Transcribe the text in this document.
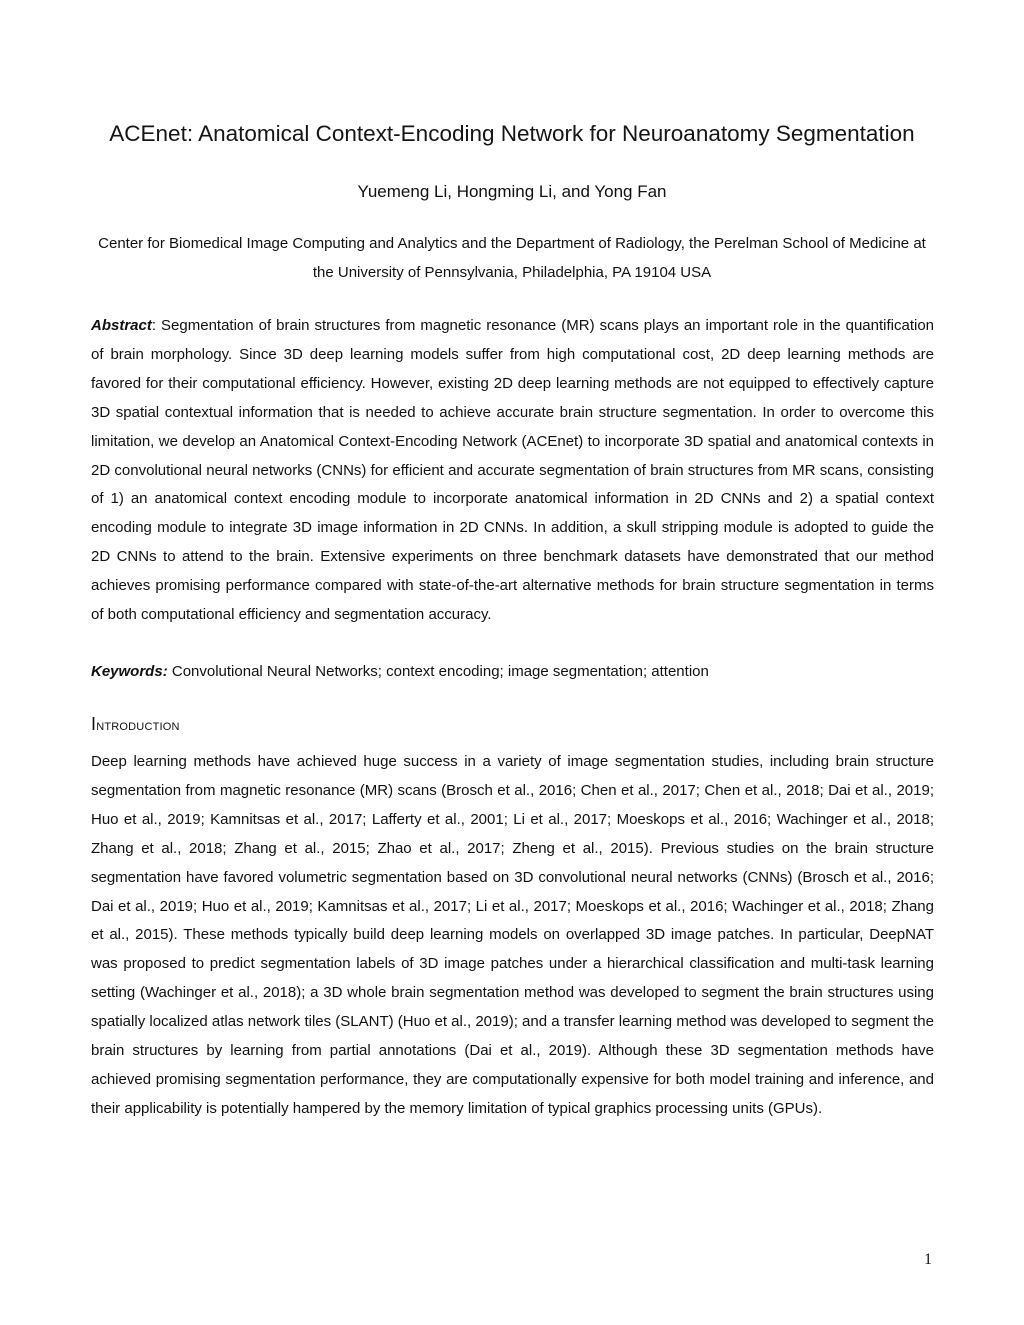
ACEnet: Anatomical Context-Encoding Network for Neuroanatomy Segmentation
Yuemeng Li, Hongming Li, and Yong Fan
Center for Biomedical Image Computing and Analytics and the Department of Radiology, the Perelman School of Medicine at the University of Pennsylvania, Philadelphia, PA 19104 USA
Abstract: Segmentation of brain structures from magnetic resonance (MR) scans plays an important role in the quantification of brain morphology. Since 3D deep learning models suffer from high computational cost, 2D deep learning methods are favored for their computational efficiency. However, existing 2D deep learning methods are not equipped to effectively capture 3D spatial contextual information that is needed to achieve accurate brain structure segmentation. In order to overcome this limitation, we develop an Anatomical Context-Encoding Network (ACEnet) to incorporate 3D spatial and anatomical contexts in 2D convolutional neural networks (CNNs) for efficient and accurate segmentation of brain structures from MR scans, consisting of 1) an anatomical context encoding module to incorporate anatomical information in 2D CNNs and 2) a spatial context encoding module to integrate 3D image information in 2D CNNs. In addition, a skull stripping module is adopted to guide the 2D CNNs to attend to the brain. Extensive experiments on three benchmark datasets have demonstrated that our method achieves promising performance compared with state-of-the-art alternative methods for brain structure segmentation in terms of both computational efficiency and segmentation accuracy.
Keywords: Convolutional Neural Networks; context encoding; image segmentation; attention
Introduction
Deep learning methods have achieved huge success in a variety of image segmentation studies, including brain structure segmentation from magnetic resonance (MR) scans (Brosch et al., 2016; Chen et al., 2017; Chen et al., 2018; Dai et al., 2019; Huo et al., 2019; Kamnitsas et al., 2017; Lafferty et al., 2001; Li et al., 2017; Moeskops et al., 2016; Wachinger et al., 2018; Zhang et al., 2018; Zhang et al., 2015; Zhao et al., 2017; Zheng et al., 2015). Previous studies on the brain structure segmentation have favored volumetric segmentation based on 3D convolutional neural networks (CNNs) (Brosch et al., 2016; Dai et al., 2019; Huo et al., 2019; Kamnitsas et al., 2017; Li et al., 2017; Moeskops et al., 2016; Wachinger et al., 2018; Zhang et al., 2015). These methods typically build deep learning models on overlapped 3D image patches. In particular, DeepNAT was proposed to predict segmentation labels of 3D image patches under a hierarchical classification and multi-task learning setting (Wachinger et al., 2018); a 3D whole brain segmentation method was developed to segment the brain structures using spatially localized atlas network tiles (SLANT) (Huo et al., 2019); and a transfer learning method was developed to segment the brain structures by learning from partial annotations (Dai et al., 2019). Although these 3D segmentation methods have achieved promising segmentation performance, they are computationally expensive for both model training and inference, and their applicability is potentially hampered by the memory limitation of typical graphics processing units (GPUs).
1
